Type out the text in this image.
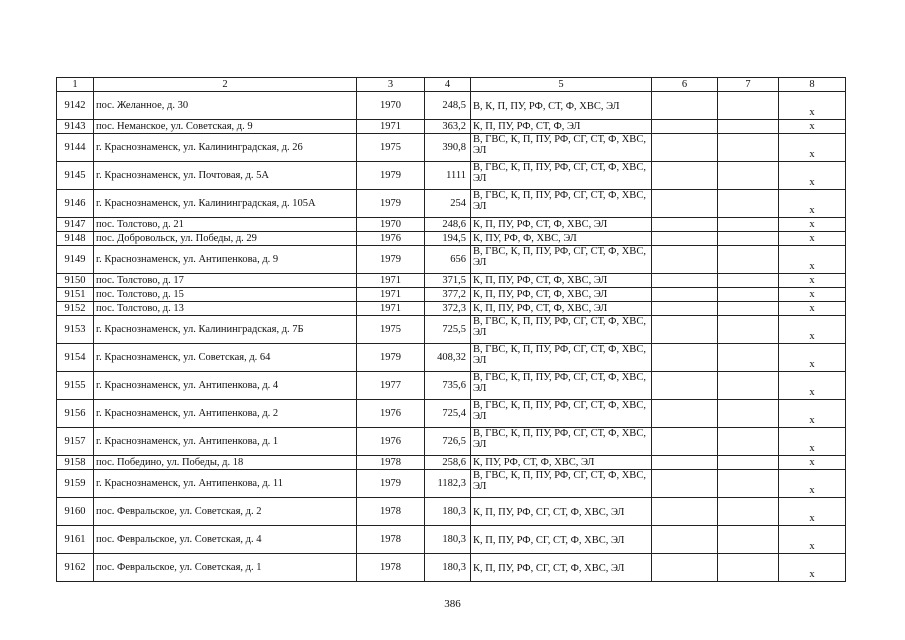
1	2	3	4	5	6	7	8
9142	пос. Желанное, д. 30	1970	248,5	В, К, П, ПУ, РФ, СТ, Ф, ХВС, ЭЛ			х
9143	пос. Неманское, ул. Советская, д. 9	1971	363,2	К, П, ПУ, РФ, СТ, Ф, ЭЛ			х
9144	г. Краснознаменск, ул. Калининградская, д. 26	1975	390,8	В, ГВС, К, П, ПУ, РФ, СГ, СТ, Ф, ХВС, ЭЛ			х
9145	г. Краснознаменск, ул. Почтовая, д. 5А	1979	1111	В, ГВС, К, П, ПУ, РФ, СГ, СТ, Ф, ХВС, ЭЛ			х
9146	г. Краснознаменск, ул. Калининградская, д. 105А	1979	254	В, ГВС, К, П, ПУ, РФ, СГ, СТ, Ф, ХВС, ЭЛ			х
9147	пос. Толстово, д. 21	1970	248,6	К, П, ПУ, РФ, СТ, Ф, ХВС, ЭЛ			х
9148	пос. Добровольск, ул. Победы, д. 29	1976	194,5	К, ПУ, РФ, Ф, ХВС, ЭЛ			х
9149	г. Краснознаменск, ул. Антипенкова, д. 9	1979	656	В, ГВС, К, П, ПУ, РФ, СГ, СТ, Ф, ХВС, ЭЛ			х
9150	пос. Толстово, д. 17	1971	371,5	К, П, ПУ, РФ, СТ, Ф, ХВС, ЭЛ			х
9151	пос. Толстово, д. 15	1971	377,2	К, П, ПУ, РФ, СТ, Ф, ХВС, ЭЛ			х
9152	пос. Толстово, д. 13	1971	372,3	К, П, ПУ, РФ, СТ, Ф, ХВС, ЭЛ			х
9153	г. Краснознаменск, ул. Калининградская, д. 7Б	1975	725,5	В, ГВС, К, П, ПУ, РФ, СГ, СТ, Ф, ХВС, ЭЛ			х
9154	г. Краснознаменск, ул. Советская, д. 64	1979	408,32	В, ГВС, К, П, ПУ, РФ, СГ, СТ, Ф, ХВС, ЭЛ			х
9155	г. Краснознаменск, ул. Антипенкова, д. 4	1977	735,6	В, ГВС, К, П, ПУ, РФ, СГ, СТ, Ф, ХВС, ЭЛ			х
9156	г. Краснознаменск, ул. Антипенкова, д. 2	1976	725,4	В, ГВС, К, П, ПУ, РФ, СГ, СТ, Ф, ХВС, ЭЛ			х
9157	г. Краснознаменск, ул. Антипенкова, д. 1	1976	726,5	В, ГВС, К, П, ПУ, РФ, СГ, СТ, Ф, ХВС, ЭЛ			х
9158	пос. Победино, ул. Победы, д. 18	1978	258,6	К, ПУ, РФ, СТ, Ф, ХВС, ЭЛ			х
9159	г. Краснознаменск, ул. Антипенкова, д. 11	1979	1182,3	В, ГВС, К, П, ПУ, РФ, СГ, СТ, Ф, ХВС, ЭЛ			х
9160	пос. Февральское, ул. Советская, д. 2	1978	180,3	К, П, ПУ, РФ, СГ, СТ, Ф, ХВС, ЭЛ			х
9161	пос. Февральское, ул. Советская, д. 4	1978	180,3	К, П, ПУ, РФ, СГ, СТ, Ф, ХВС, ЭЛ			х
9162	пос. Февральское, ул. Советская, д. 1	1978	180,3	К, П, ПУ, РФ, СГ, СТ, Ф, ХВС, ЭЛ			х
386
